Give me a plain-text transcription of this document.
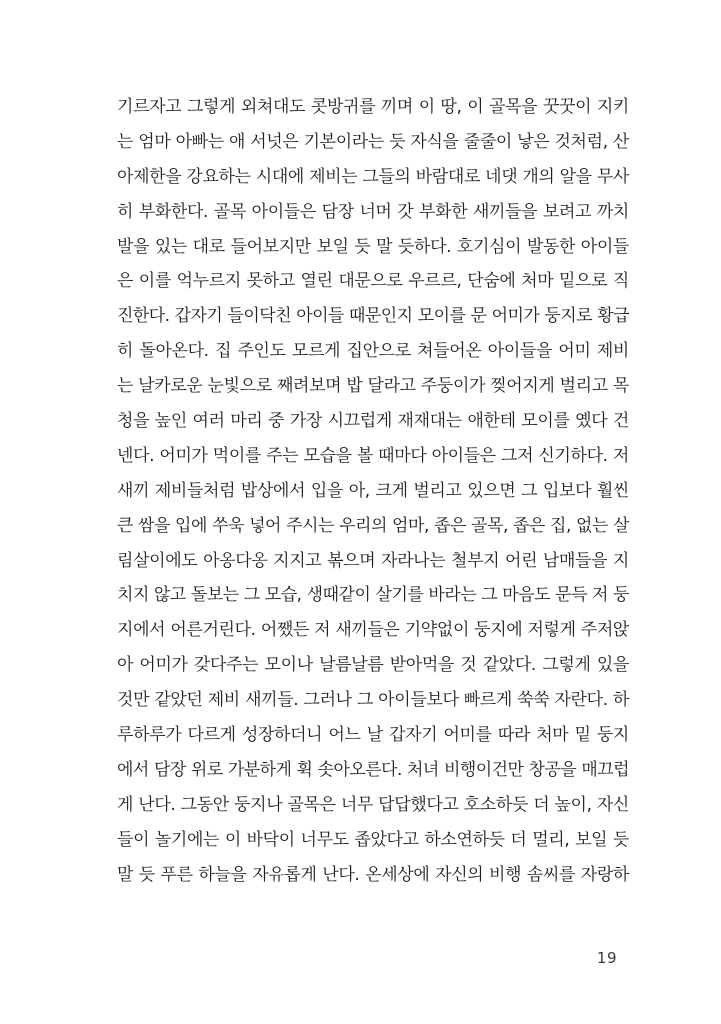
기르자고 그렇게 외쳐대도 콧방귀를 끼며 이 땅, 이 골목을 꿋꿋이 지키
는 엄마 아빠는 애 서넛은 기본이라는 듯 자식을 줄줄이 낳은 것처럼, 산
아제한을 강요하는 시대에 제비는 그들의 바람대로 네댓 개의 알을 무사
히 부화한다. 골목 아이들은 담장 너머 갓 부화한 새끼들을 보려고 까치
발을 있는 대로 들어보지만 보일 듯 말 듯하다. 호기심이 발동한 아이들
은 이를 억누르지 못하고 열린 대문으로 우르르, 단숨에 처마 밑으로 직
진한다. 갑자기 들이닥친 아이들 때문인지 모이를 문 어미가 둥지로 황급
히 돌아온다. 집 주인도 모르게 집안으로 쳐들어온 아이들을 어미 제비
는 날카로운 눈빛으로 째려보며 밥 달라고 주둥이가 찢어지게 벌리고 목
청을 높인 여러 마리 중 가장 시끄럽게 재재대는 애한테 모이를 옜다 건
넨다. 어미가 먹이를 주는 모습을 볼 때마다 아이들은 그저 신기하다. 저
새끼 제비들처럼 밥상에서 입을 아, 크게 벌리고 있으면 그 입보다 훨씬
큰 쌈을 입에 쑤욱 넣어 주시는 우리의 엄마, 좁은 골목, 좁은 집, 없는 살
림살이에도 아옹다옹 지지고 볶으며 자라나는 철부지 어린 남매들을 지
치지 않고 돌보는 그 모습, 생때같이 살기를 바라는 그 마음도 문득 저 둥
지에서 어른거린다. 어쨌든 저 새끼들은 기약없이 둥지에 저렇게 주저앉
아 어미가 갖다주는 모이나 날름날름 받아먹을 것 같았다. 그렇게 있을
것만 같았던 제비 새끼들. 그러나 그 아이들보다 빠르게 쑥쑥 자란다. 하
루하루가 다르게 성장하더니 어느 날 갑자기 어미를 따라 처마 밑 둥지
에서 담장 위로 가분하게 휙 솟아오른다. 처녀 비행이건만 창공을 매끄럽
게 난다. 그동안 둥지나 골목은 너무 답답했다고 호소하듯 더 높이, 자신
들이 놀기에는 이 바닥이 너무도 좁았다고 하소연하듯 더 멀리, 보일 듯
말 듯 푸른 하늘을 자유롭게 난다. 온세상에 자신의 비행 솜씨를 자랑하
19
